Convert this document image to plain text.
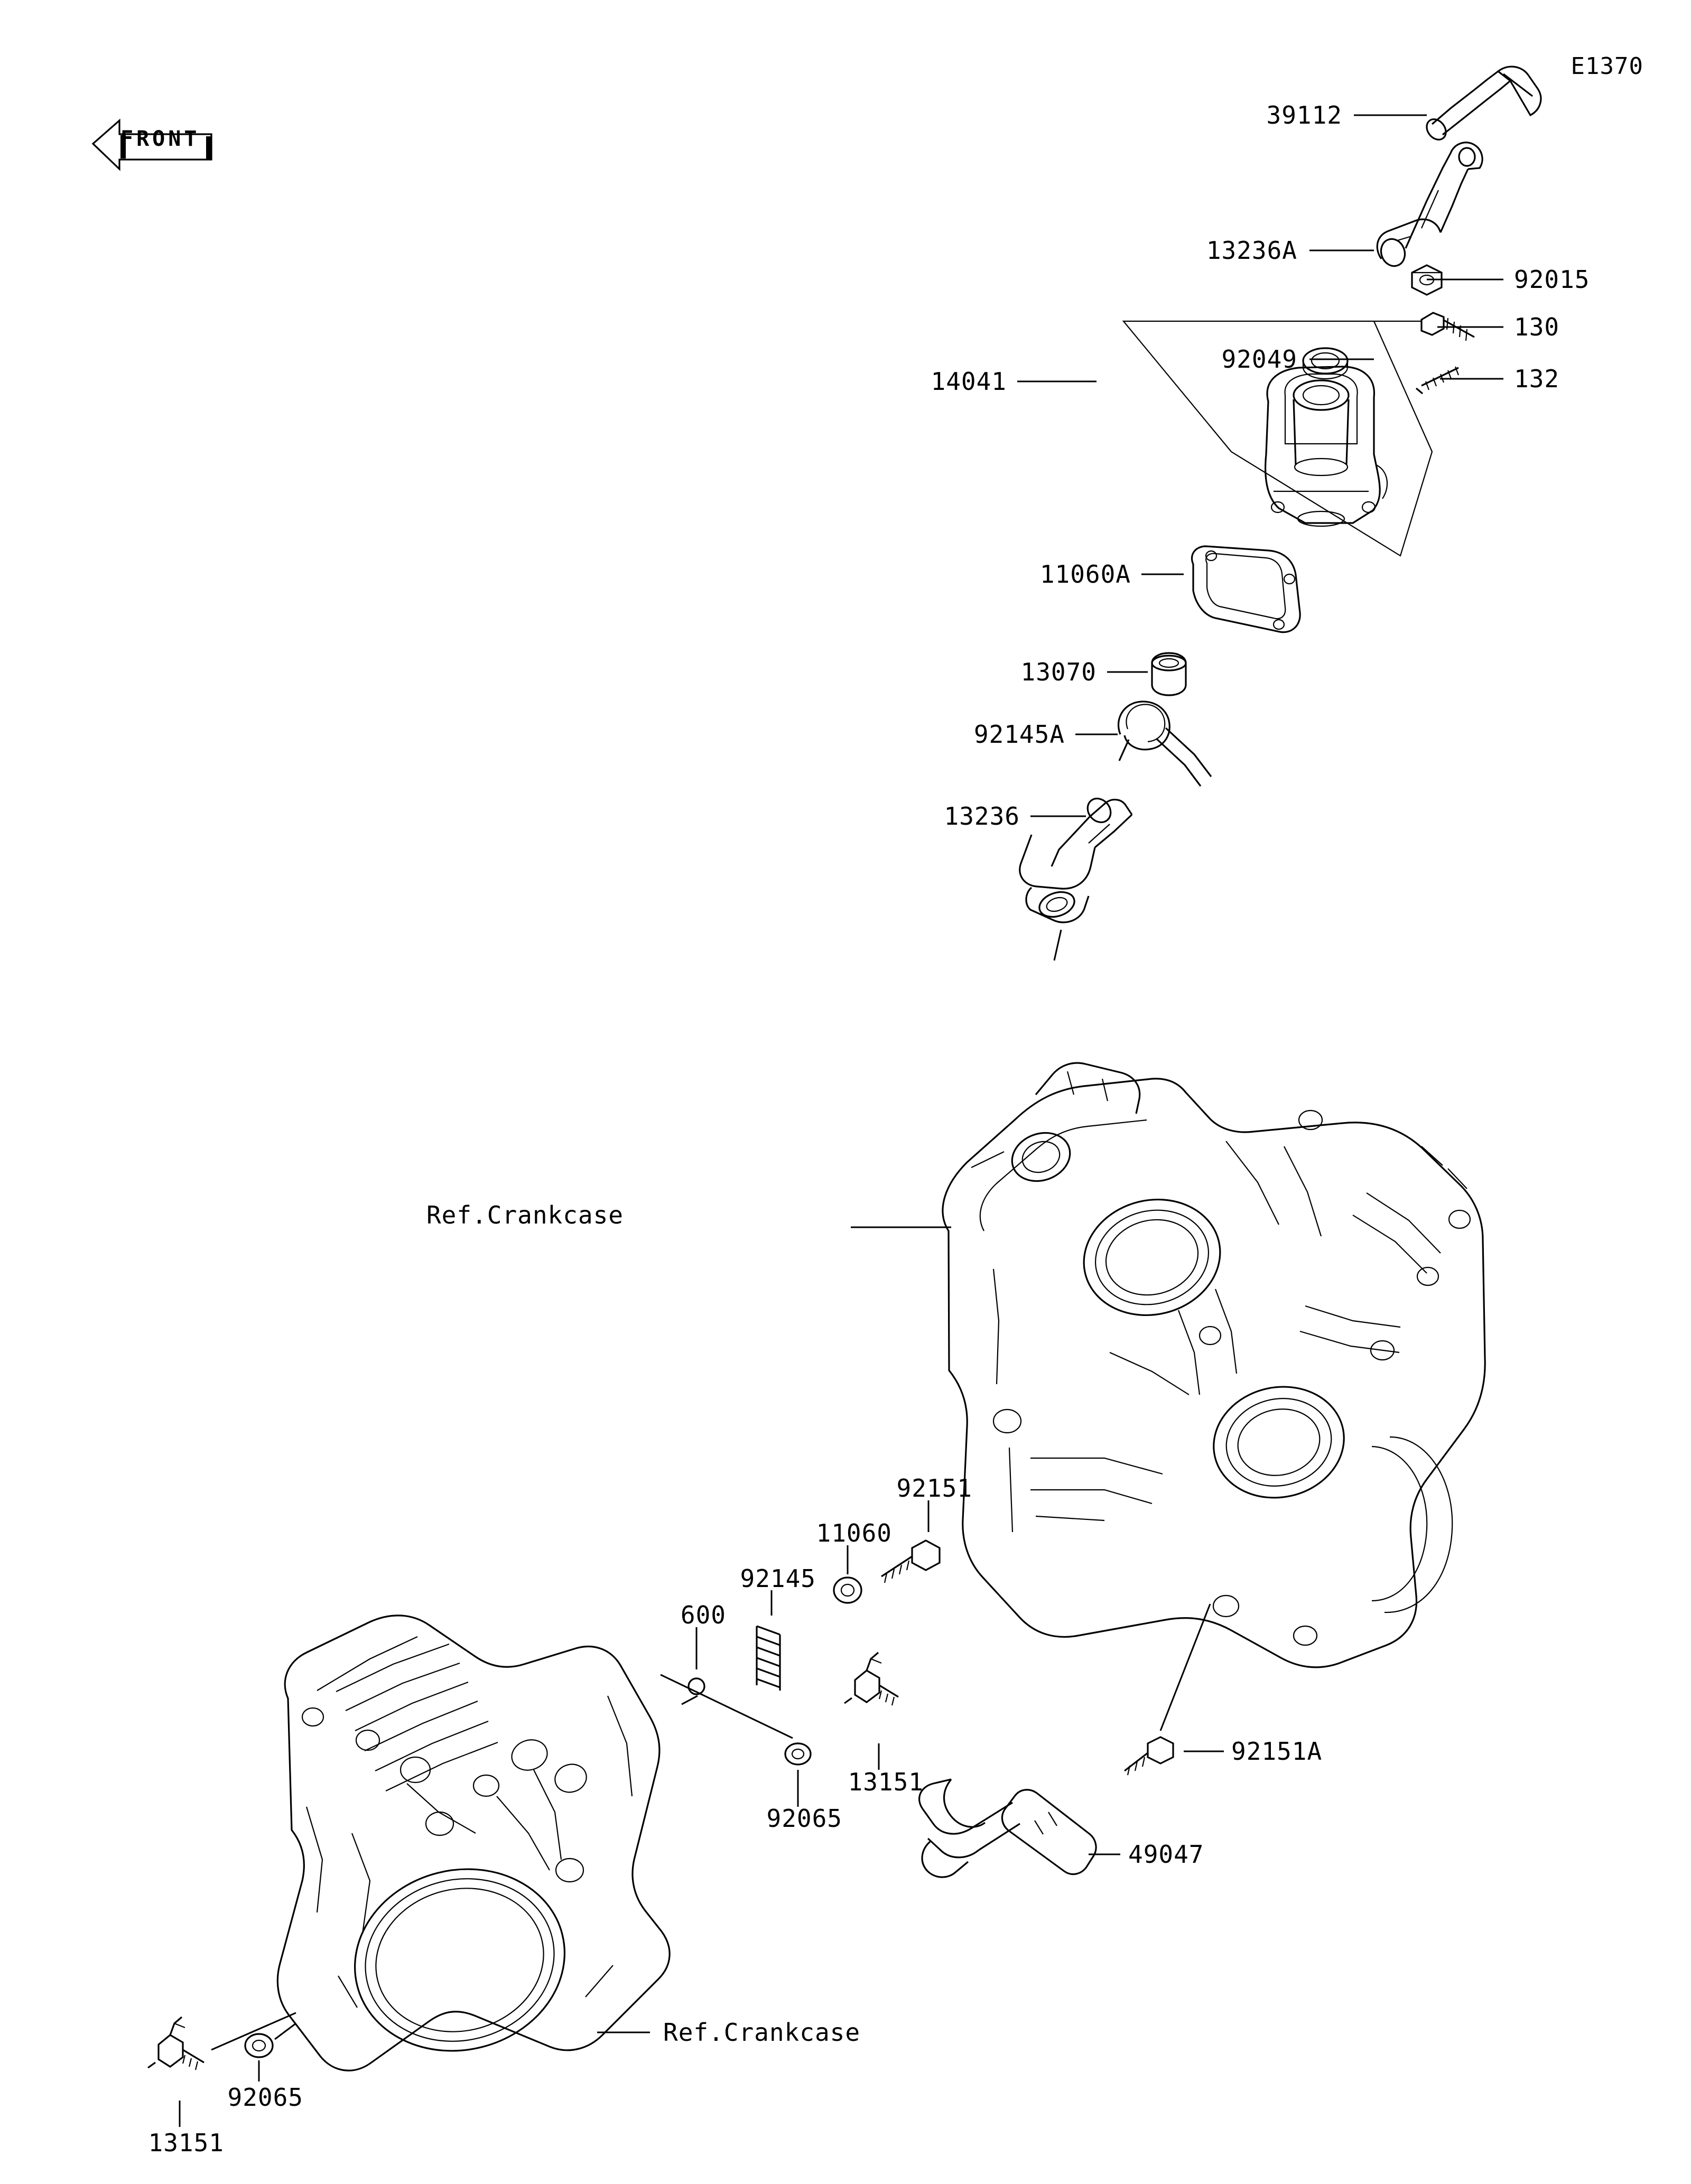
E1370
FRONT
39112
13236A
92015
130
14041
92049
132
11060A
13070
92145A
13236
92151
11060
92145
600
13151
92065
92151A
49047
92065
13151
Ref.Crankcase
Ref.Crankcase
